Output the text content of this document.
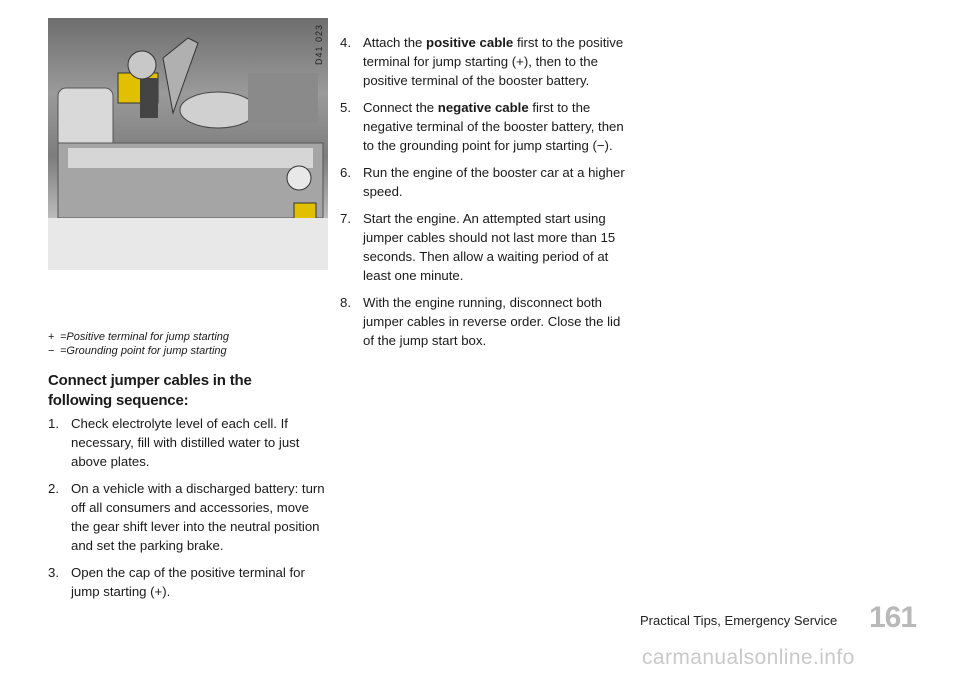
D41 023
+ =Positive terminal for jump starting
− =Grounding point for jump starting
Connect jumper cables in the following sequence:
1. Check electrolyte level of each cell. If necessary, fill with distilled water to just above plates.
2. On a vehicle with a discharged battery: turn off all consumers and accessories, move the gear shift lever into the neutral position and set the parking brake.
3. Open the cap of the positive terminal for jump starting (+).
4. Attach the positive cable first to the positive terminal for jump starting (+), then to the positive terminal of the booster battery.
5. Connect the negative cable first to the negative terminal of the booster battery, then to the grounding point for jump starting (−).
6. Run the engine of the booster car at a higher speed.
7. Start the engine. An attempted start using jumper cables should not last more than 15 seconds. Then allow a waiting period of at least one minute.
8. With the engine running, disconnect both jumper cables in reverse order. Close the lid of the jump start box.
Practical Tips, Emergency Service 161
carmanualsonline.info
